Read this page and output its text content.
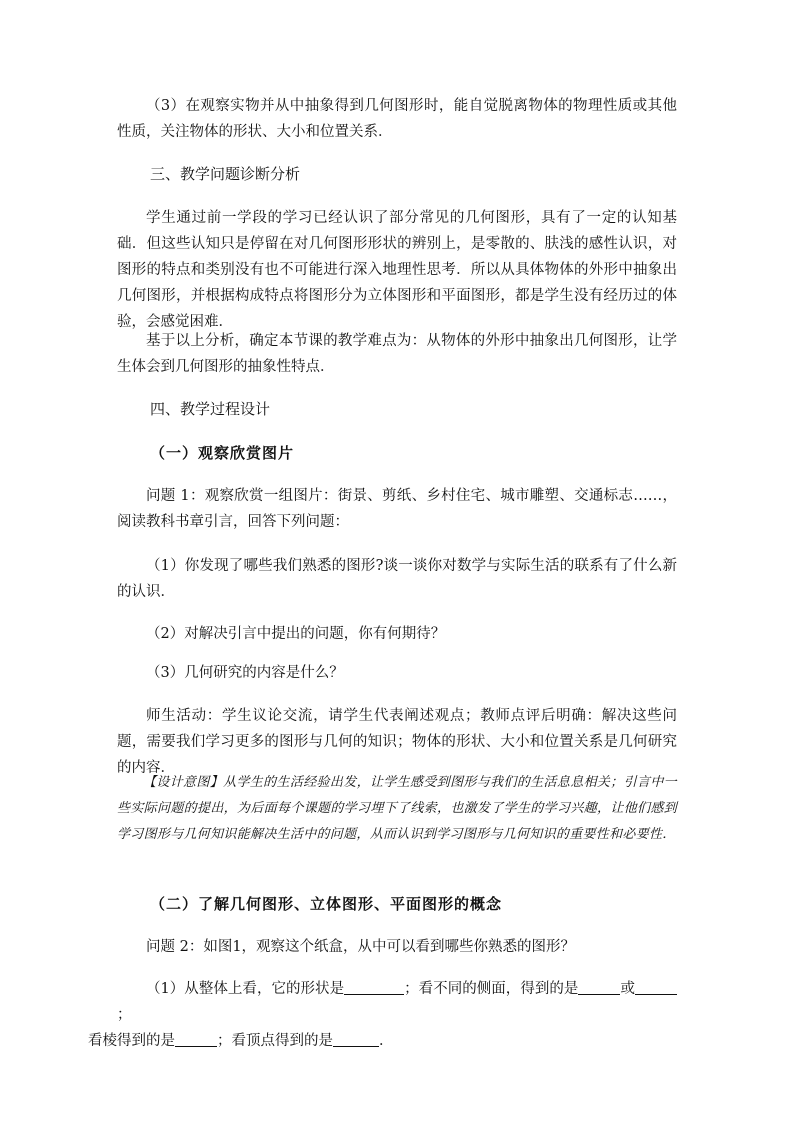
（3）在观察实物并从中抽象得到几何图形时，能自觉脱离物体的物理性质或其他性质，关注物体的形状、大小和位置关系．
三、教学问题诊断分析
学生通过前一学段的学习已经认识了部分常见的几何图形，具有了一定的认知基础．但这些认知只是停留在对几何图形形状的辨别上，是零散的、肤浅的感性认识，对图形的特点和类别没有也不可能进行深入地理性思考．所以从具体物体的外形中抽象出几何图形，并根据构成特点将图形分为立体图形和平面图形，都是学生没有经历过的体验，会感觉困难．
基于以上分析，确定本节课的教学难点为：从物体的外形中抽象出几何图形，让学生体会到几何图形的抽象性特点．
四、教学过程设计
（一）观察欣赏图片
问题 1：观察欣赏一组图片：街景、剪纸、乡村住宅、城市雕塑、交通标志……，阅读教科书章引言，回答下列问题：
（1）你发现了哪些我们熟悉的图形?谈一谈你对数学与实际生活的联系有了什么新的认识．
（2）对解决引言中提出的问题，你有何期待？
（3）几何研究的内容是什么？
师生活动：学生议论交流，请学生代表阐述观点；教师点评后明确：解决这些问题，需要我们学习更多的图形与几何的知识；物体的形状、大小和位置关系是几何研究的内容．
【设计意图】从学生的生活经验出发，让学生感受到图形与我们的生活息息相关；引言中一些实际问题的提出，为后面每个课题的学习埋下了线索，也激发了学生的学习兴趣，让他们感到学习图形与几何知识能解决生活中的问题，从而认识到学习图形与几何知识的重要性和必要性．
（二）了解几何图形、立体图形、平面图形的概念
问题 2：如图1，观察这个纸盒，从中可以看到哪些你熟悉的图形？
（1）从整体上看，它的形状是	；看不同的侧面，得到的是	或；
看棱得到的是	；看顶点得到的是	．
